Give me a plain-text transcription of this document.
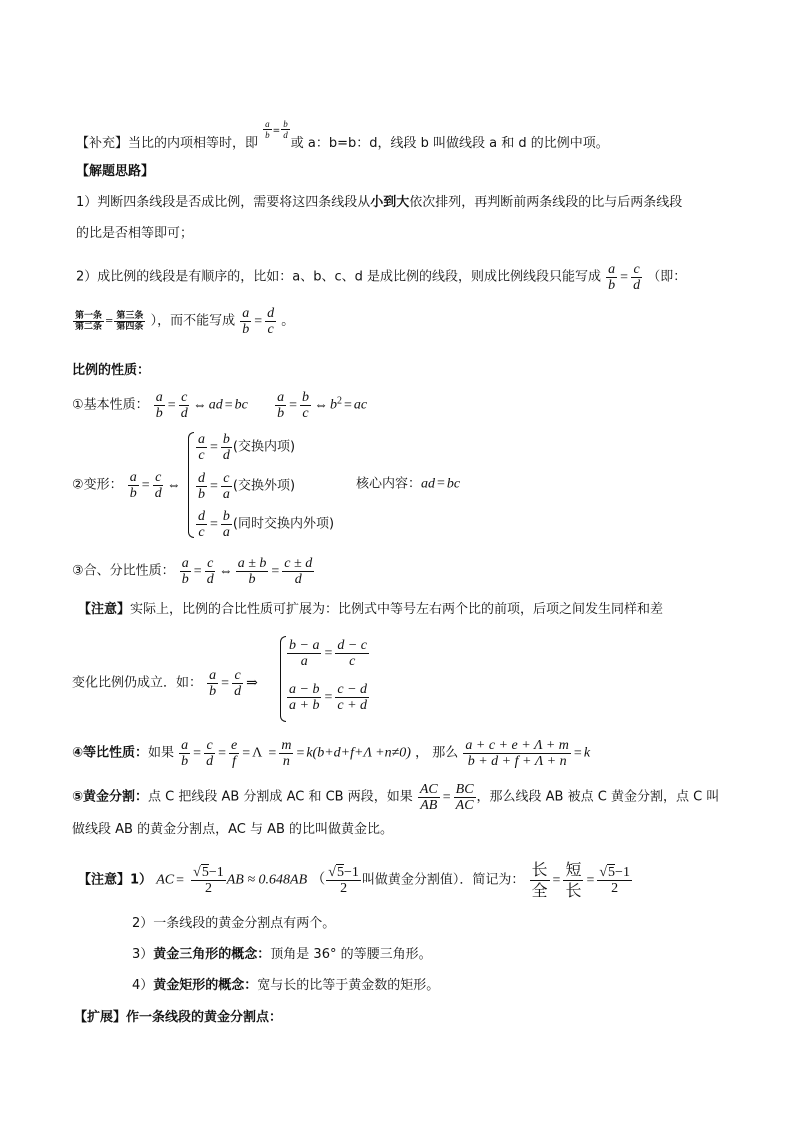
【补充】当比的内项相等时，即
$\frac{a}{b} ^= \frac{b}{d}$
或 a：b=b：d，线段 b 叫做线段 a 和 d 的比例中项。
【解题思路】
1）判断四条线段是否成比例，需要将这四条线段从小到大依次排列，再判断前两条线段的比与后两条线段
的比是否相等即可；
2）成比例的线段是有顺序的，比如：a、b、c、d 是成比例的线段，则成比例线段只能写成 $\frac{a}{b} = \frac{c}{d}$ （即：
第一条
第二条
= 第三条
第四条 ），而不能写成 $\frac{a}{b} = \frac{d}{c}$ 。
比例的性质：
①基本性质： $\frac{a}{b} = \frac{c}{d}$ ⇔ ad = bc $\frac{a}{b} = \frac{b}{c}$ ⇔ $b^2$ = ac
②变形： $\frac{a}{b} = \frac{c}{d}$ ⇔
$\frac{a}{c} = \frac{b}{d}$ (交换内项)
$\frac{d}{b} = \frac{c}{a}$ (交换外项)
$\frac{d}{c} = \frac{b}{a}$ (同时交换内外项)
核心内容：ad = bc
③合、分比性质： $\frac{a}{b} = \frac{c}{d}$ ⇔ $\frac{a \pm b}{b} = \frac{c \pm d}{d}$
【注意】实际上，比例的合比性质可扩展为：比例式中等号左右两个比的前项，后项之间发生同样和差
变化比例仍成立．如： $\frac{a}{b} = \frac{c}{d}$ ⇒
$\frac{b - a}{a} = \frac{d - c}{c}$
$\frac{a - b}{a + b} = \frac{c - d}{c + d}$
④等比性质：如果 $\frac{a}{b} = \frac{c}{d} = \frac{e}{f} = \Lambda = \frac{m}{n} = k(b+d+f+\Lambda +n\ne 0)$ ， 那么 $\frac{a + c + e + \Lambda + m}{b + d + f + \Lambda + n} = k$
⑤黄金分割：点 C 把线段 AB 分割成 AC 和 CB 两段，如果 $\frac{AC}{AB} = \frac{BC}{AC}$ ，那么线段 AB 被点 C 黄金分割，点 C 叫
做线段 AB 的黄金分割点，AC 与 AB 的比叫做黄金比。
【注意】1） AC = $\frac{√5-1}{2}$ AB ≈ 0.648AB （ $\frac{√5-1}{2}$ 叫做黄金分割值）．简记为：
长
全
=
短
长
= $\frac{√5-1}{2}$
2）一条线段的黄金分割点有两个。
3）黄金三角形的概念：顶角是 36° 的等腰三角形。
4）黄金矩形的概念：宽与长的比等于黄金数的矩形。
【扩展】作一条线段的黄金分割点：
